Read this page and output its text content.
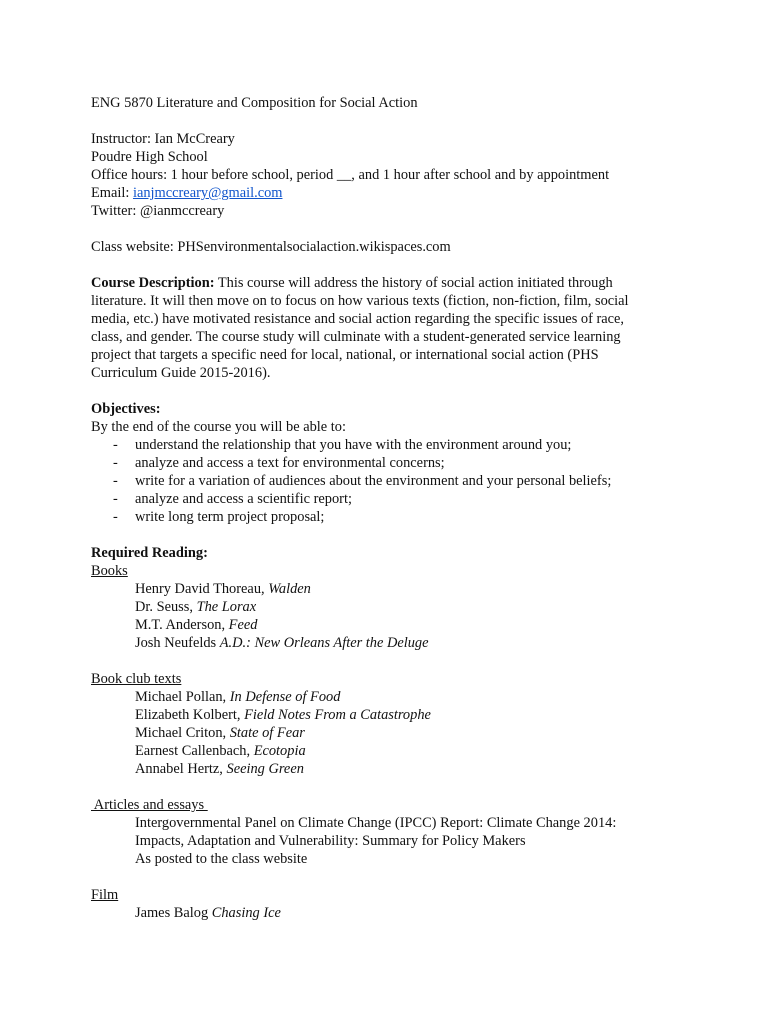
ENG 5870 Literature and Composition for Social Action
Instructor: Ian McCreary
Poudre High School
Office hours: 1 hour before school, period __, and 1 hour after school and by appointment
Email: ianjmccreary@gmail.com
Twitter: @ianmccreary
Class website: PHSenvironmentalsocialaction.wikispaces.com
Course Description: This course will address the history of social action initiated through literature. It will then move on to focus on how various texts (fiction, non-fiction, film, social media, etc.) have motivated resistance and social action regarding the specific issues of race, class, and gender. The course study will culminate with a student-generated service learning project that targets a specific need for local, national, or international social action (PHS Curriculum Guide 2015-2016).
Objectives:
By the end of the course you will be able to:
- understand the relationship that you have with the environment around you;
- analyze and access a text for environmental concerns;
- write for a variation of audiences about the environment and your personal beliefs;
- analyze and access a scientific report;
- write long term project proposal;
Required Reading:
Books
Henry David Thoreau, Walden
Dr. Seuss, The Lorax
M.T. Anderson, Feed
Josh Neufelds A.D.: New Orleans After the Deluge
Book club texts
Michael Pollan, In Defense of Food
Elizabeth Kolbert, Field Notes From a Catastrophe
Michael Criton, State of Fear
Earnest Callenbach, Ecotopia
Annabel Hertz, Seeing Green
Articles and essays
Intergovernmental Panel on Climate Change (IPCC) Report: Climate Change 2014:
Impacts, Adaptation and Vulnerability: Summary for Policy Makers
As posted to the class website
Film
James Balog Chasing Ice
